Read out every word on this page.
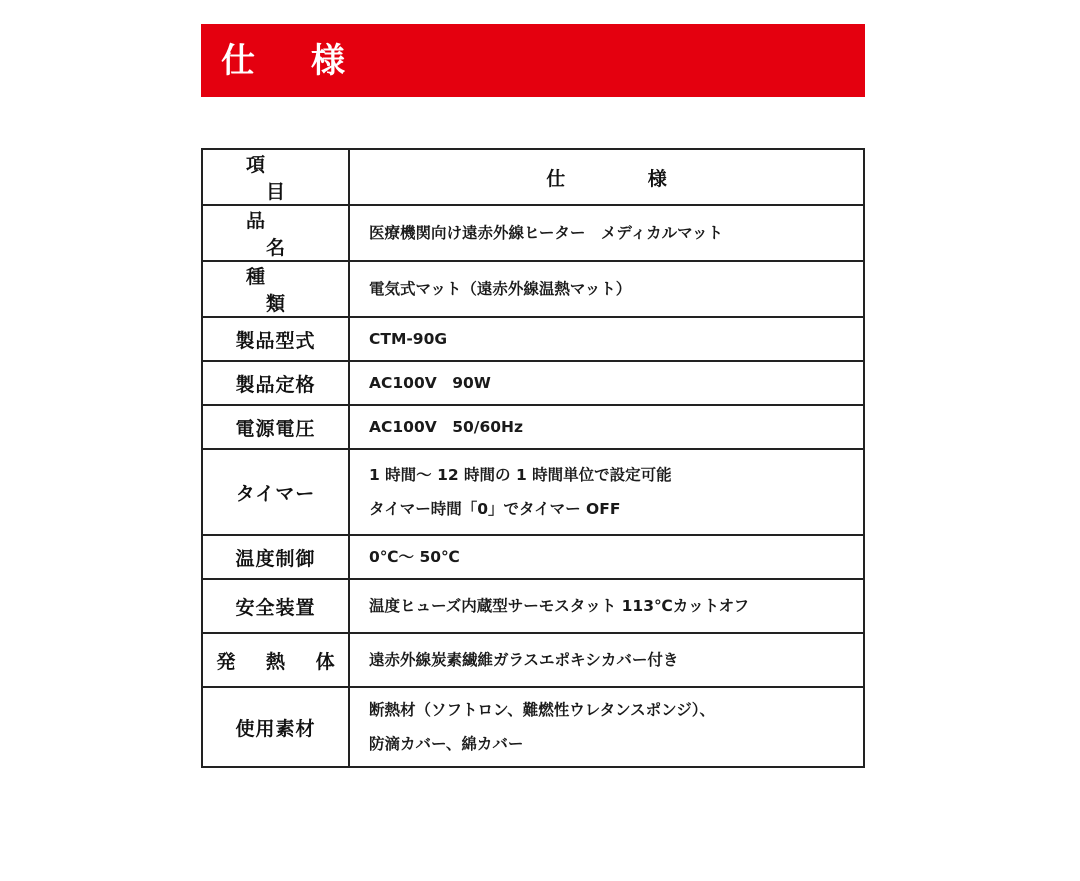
仕 様
項 目	仕 様
品 名	医療機関向け遠赤外線ヒーター　メディカルマット

種 類	電気式マット（遠赤外線温熱マット）

製品型式	CTM-90G

製品定格	AC100V　90W

電源電圧	AC100V　50/60Hz

タイマー	1 時間～ 12 時間の 1 時間単位で設定可能
タイマー時間「0」でタイマー OFF

温度制御	0℃～ 50℃

安全装置	温度ヒューズ内蔵型サーモスタット 113℃カットオフ

発 熱 体	遠赤外線炭素繊維ガラスエポキシカバー付き

使用素材	断熱材（ソフトロン、難燃性ウレタンスポンジ）、
防滴カバー、綿カバー
